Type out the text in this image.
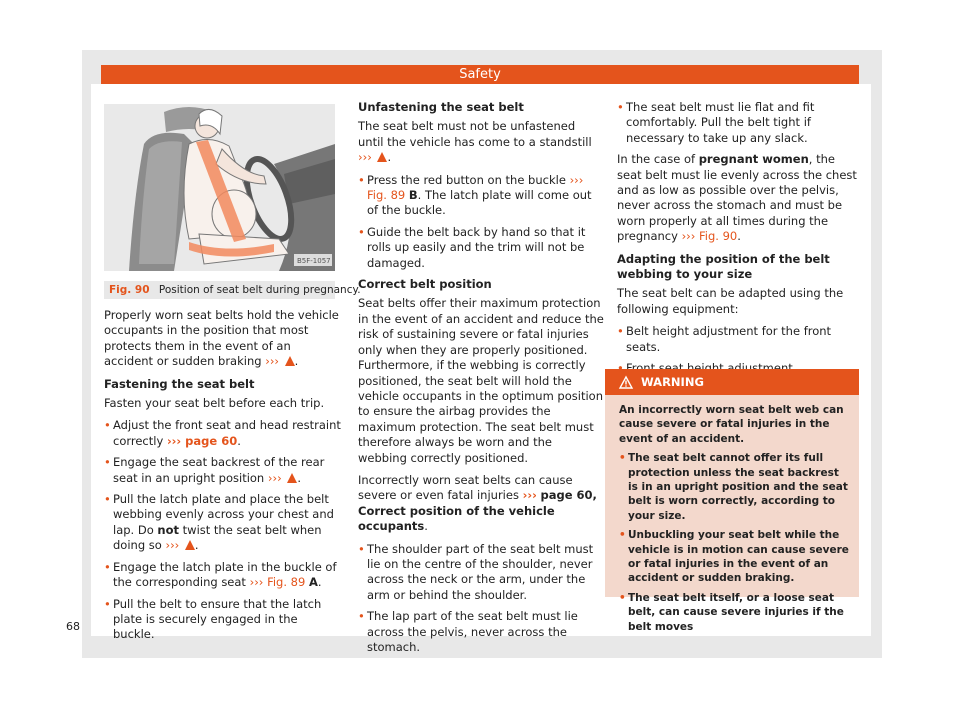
Safety
B5F-1057
Fig. 90 Position of seat belt during pregnancy.

Properly worn seat belts hold the vehicle occupants in the position that most protects them in the event of an accident or sudden braking ››› .

Fastening the seat belt

Fasten your seat belt before each trip.

• Adjust the front seat and head restraint correctly ››› page 60.
• Engage the seat backrest of the rear seat in an upright position ››› .
• Pull the latch plate and place the belt webbing evenly across your chest and lap. Do not twist the seat belt when doing so ››› .
• Engage the latch plate in the buckle of the corresponding seat ››› Fig. 89 A.
• Pull the belt to ensure that the latch plate is securely engaged in the buckle.
Unfastening the seat belt

The seat belt must not be unfastened until the vehicle has come to a standstill ››› .

• Press the red button on the buckle ››› Fig. 89 B. The latch plate will come out of the buckle.
• Guide the belt back by hand so that it rolls up easily and the trim will not be damaged.
Correct belt position

Seat belts offer their maximum protection in the event of an accident and reduce the risk of sustaining severe or fatal injuries only when they are properly positioned. Furthermore, if the webbing is correctly positioned, the seat belt will hold the vehicle occupants in the optimum position to ensure the airbag provides the maximum protection. The seat belt must therefore always be worn and the webbing correctly positioned.

Incorrectly worn seat belts can cause severe or even fatal injuries ››› page 60, Correct position of the vehicle occupants.

• The shoulder part of the seat belt must lie on the centre of the shoulder, never across the neck or the arm, under the arm or behind the shoulder.
• The lap part of the seat belt must lie across the pelvis, never across the stomach.
• The seat belt must lie flat and fit comfortably. Pull the belt tight if necessary to take up any slack.

In the case of pregnant women, the seat belt must lie evenly across the chest and as low as possible over the pelvis, never across the stomach and must be worn properly at all times during the pregnancy ››› Fig. 90.

Adapting the position of the belt webbing to your size

The seat belt can be adapted using the following equipment:

• Belt height adjustment for the front seats.
WARNING

An incorrectly worn seat belt web can cause severe or fatal injuries in the event of an accident.

• The seat belt cannot offer its full protection unless the seat backrest is in an upright position and the seat belt is worn correctly, according to your size.
• Unbuckling your seat belt while the vehicle is in motion can cause severe or fatal injuries in the event of an accident or sudden braking.
• The seat belt itself, or a loose seat belt, can cause severe injuries if the belt moves
68
